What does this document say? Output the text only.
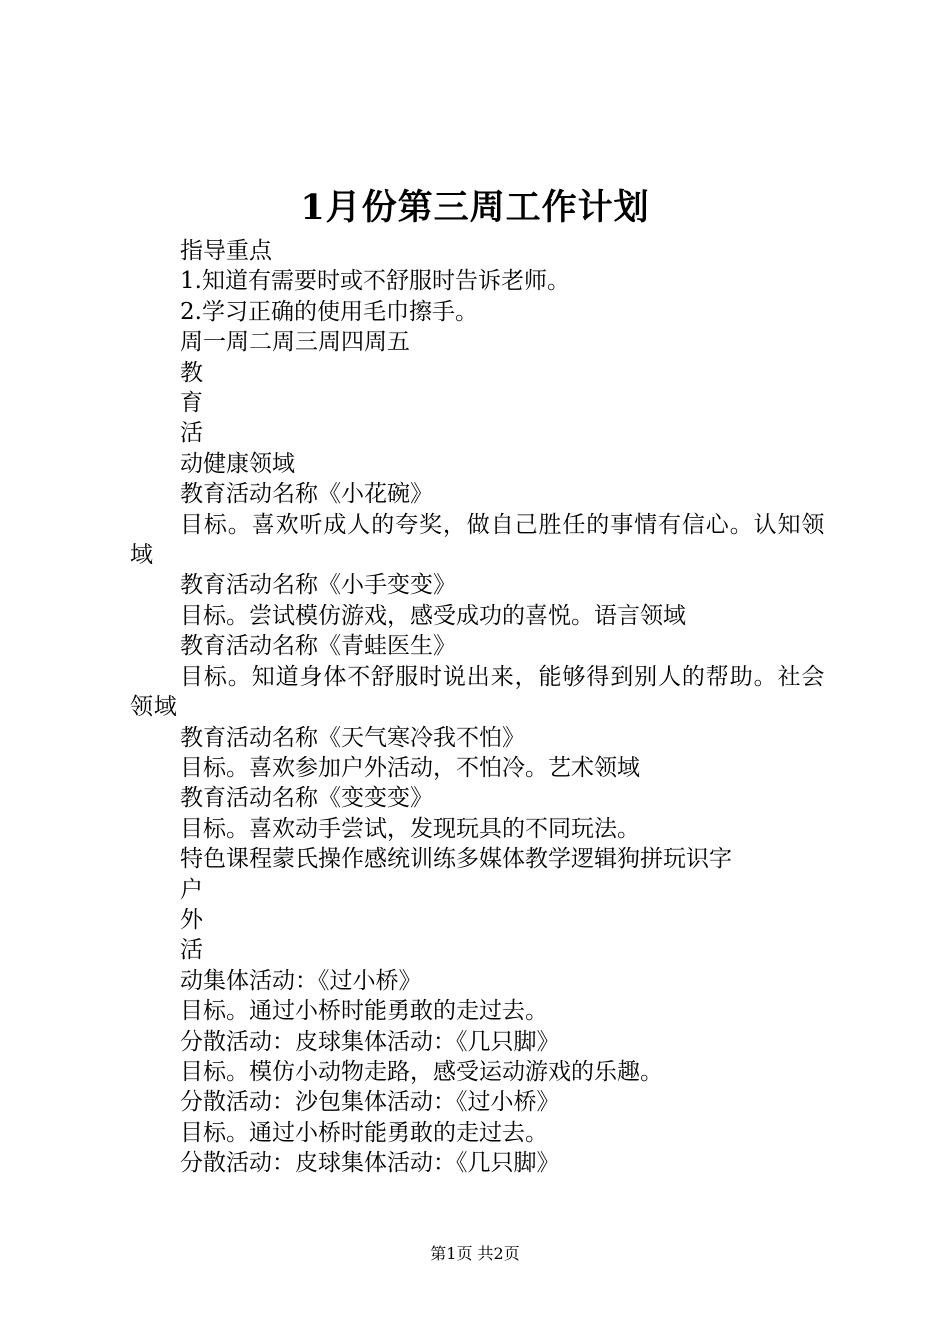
1月份第三周工作计划

指导重点

1.知道有需要时或不舒服时告诉老师。

2.学习正确的使用毛巾擦手。

周一周二周三周四周五

教

育

活

动健康领域

教育活动名称《小花碗》

目标。喜欢听成人的夸奖，做自己胜任的事情有信心。认知领域

教育活动名称《小手变变》

目标。尝试模仿游戏，感受成功的喜悦。语言领域

教育活动名称《青蛙医生》

目标。知道身体不舒服时说出来，能够得到别人的帮助。社会领域

教育活动名称《天气寒冷我不怕》

目标。喜欢参加户外活动，不怕冷。艺术领域

教育活动名称《变变变》

目标。喜欢动手尝试，发现玩具的不同玩法。

特色课程蒙氏操作感统训练多媒体教学逻辑狗拼玩识字

户

外

活

动集体活动：《过小桥》

目标。通过小桥时能勇敢的走过去。

分散活动：皮球集体活动：《几只脚》

目标。模仿小动物走路，感受运动游戏的乐趣。

分散活动：沙包集体活动：《过小桥》

目标。通过小桥时能勇敢的走过去。

分散活动：皮球集体活动：《几只脚》

第1页 共2页
